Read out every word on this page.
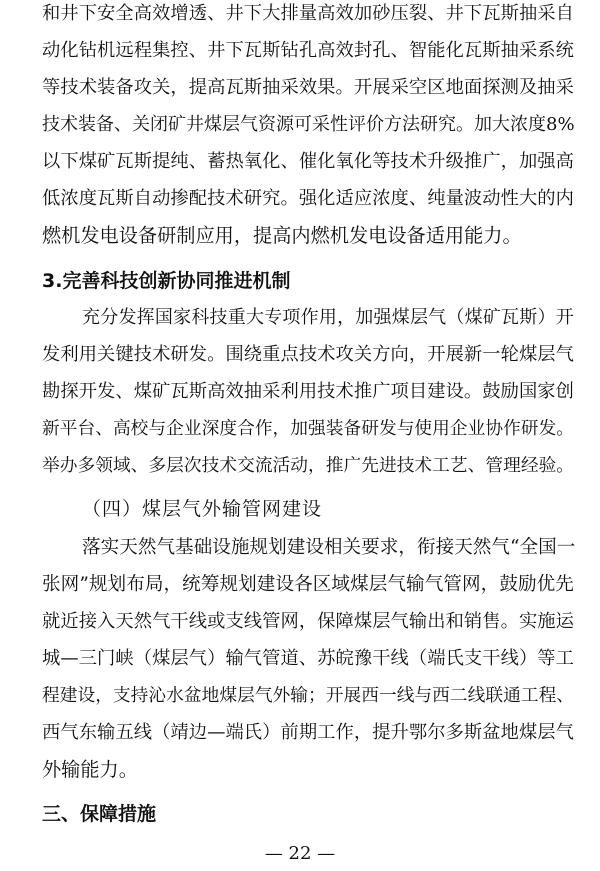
和 井 下 安 全 高 效 增 透 、 井 下 大 排 量 高 效 加 砂 压 裂 、 井 下 瓦 斯 抽 采 自
动 化 钻 机 远 程 集 控 、 井 下 瓦 斯 钻 孔 高 效 封 孔 、 智 能 化 瓦 斯 抽 采 系 统
等 技 术 装 备 攻 关 ， 提 高 瓦 斯 抽 采 效 果 。 开 展 采 空 区 地 面 探 测 及 抽 采
技 术 装 备 、 关 闭 矿 井 煤 层 气 资 源 可 采 性 评 价 方 法 研 究 。 加 大 浓 度 8%
以 下 煤 矿 瓦 斯 提 纯 、 蓄 热 氧 化 、 催 化 氧 化 等 技 术 升 级 推 广 ， 加 强 高
低 浓 度 瓦 斯 自 动 掺 配 技 术 研 究 。 强 化 适 应 浓 度 、 纯 量 波 动 性 大 的 内
燃机发电设备研制应用，提高内燃机发电设备适用能力。
3.完善科技创新协同推进机制
充 分 发 挥 国 家 科 技 重 大 专 项 作 用 ， 加 强 煤 层 气 （ 煤 矿 瓦 斯 ） 开
发 利 用 关 键 技 术 研 发 。 围 绕 重 点 技 术 攻 关 方 向 ， 开 展 新 一 轮 煤 层 气
勘 探 开 发 、 煤 矿 瓦 斯 高 效 抽 采 利 用 技 术 推 广 项 目 建 设 。 鼓 励 国 家 创
新 平 台 、 高 校 与 企 业 深 度 合 作 ， 加 强 装 备 研 发 与 使 用 企 业 协 作 研 发 。
举 办 多 领 域 、 多 层 次 技 术 交 流 活 动 ， 推 广 先 进 技 术 工 艺 、 管 理 经 验 。
（四）煤层气外输管网建设
落 实 天 然 气 基 础 设 施 规 划 建 设 相 关 要 求 ， 衔 接 天 然 气 “ 全 国 一
张 网 ” 规 划 布 局 ， 统 筹 规 划 建 设 各 区 域 煤 层 气 输 气 管 网 ， 鼓 励 优 先
就 近 接 入 天 然 气 干 线 或 支 线 管 网 ， 保 障 煤 层 气 输 出 和 销 售 。 实 施 运
城 — 三 门 峡 （ 煤 层 气 ） 输 气 管 道 、 苏 皖 豫 干 线 （ 端 氏 支 干 线 ） 等 工
程 建 设 ， 支 持 沁 水 盆 地 煤 层 气 外 输 ； 开 展 西 一 线 与 西 二 线 联 通 工 程 、
西 气 东 输 五 线 （ 靖 边 — 端 氏 ） 前 期 工 作 ， 提 升 鄂 尔 多 斯 盆 地 煤 层 气
外输能力。
三、保障措施
— 22 —
